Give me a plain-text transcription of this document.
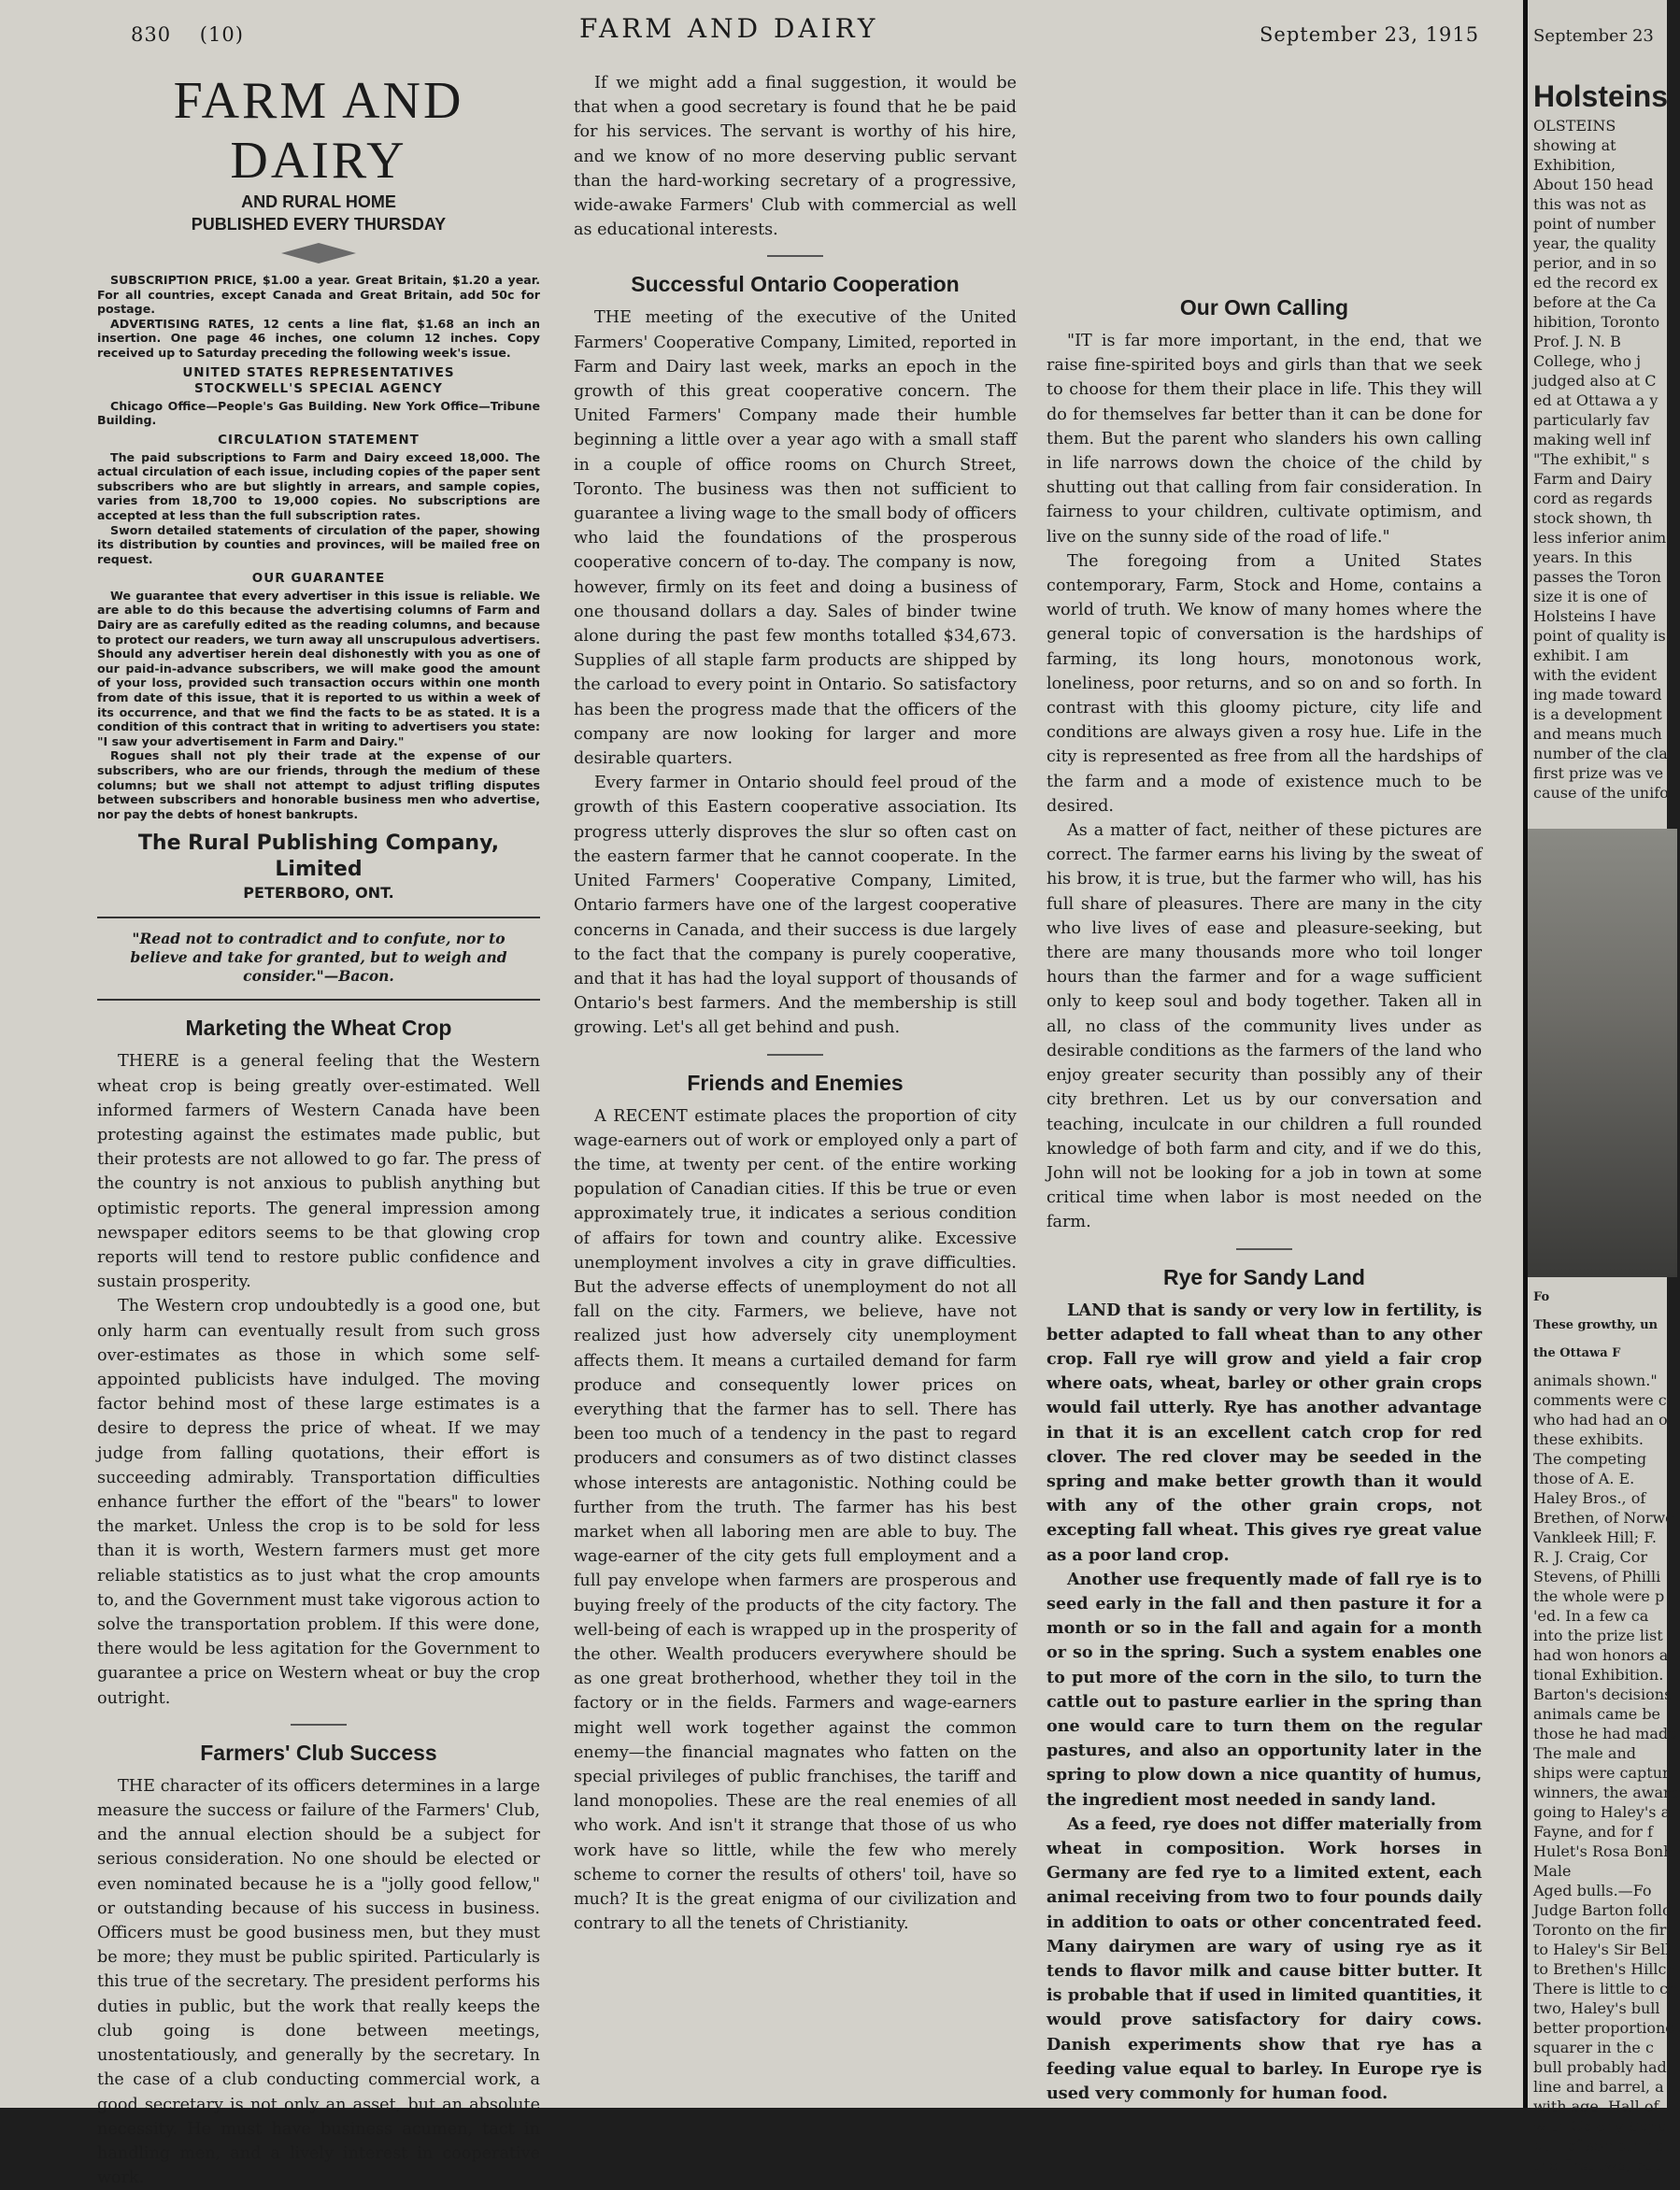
830 (10)	FARM AND DAIRY	September 23, 1915
FARM AND DAIRY
AND RURAL HOME
PUBLISHED EVERY THURSDAY

SUBSCRIPTION PRICE, $1.00 a year. Great Britain, $1.20 a year. For all countries, except Canada and Great Britain, add 50c for postage.

ADVERTISING RATES, 12 cents a line flat, $1.68 an inch an insertion. One page 46 inches, one column 12 inches. Copy received up to Saturday preceding the following week's issue.

UNITED STATES REPRESENTATIVES
STOCKWELL'S SPECIAL AGENCY

Chicago Office—People's Gas Building. New York Office—Tribune Building.

CIRCULATION STATEMENT

The paid subscriptions to Farm and Dairy exceed 18,000. The actual circulation of each issue, including copies of the paper sent subscribers who are but slightly in arrears, and sample copies, varies from 18,700 to 19,000 copies. No subscriptions are accepted at less than the full subscription rates.

Sworn detailed statements of circulation of the paper, showing its distribution by counties and provinces, will be mailed free on request.

OUR GUARANTEE

We guarantee that every advertiser in this issue is reliable. We are able to do this because the advertising columns of Farm and Dairy are as carefully edited as the reading columns, and because to protect our readers, we turn away all unscrupulous advertisers. Should any advertiser herein deal dishonestly with you as one of our paid-in-advance subscribers, we will make good the amount of your loss, provided such transaction occurs within one month from date of this issue, that it is reported to us within a week of its occurrence, and that we find the facts to be as stated. It is a condition of this contract that in writing to advertisers you state: "I saw your advertisement in Farm and Dairy."

Rogues shall not ply their trade at the expense of our subscribers, who are our friends, through the medium of these columns; but we shall not attempt to adjust trifling disputes between subscribers and honorable business men who advertise, nor pay the debts of honest bankrupts.

The Rural Publishing Company, Limited
PETERBORO, ONT.
"Read not to contradict and to confute, nor to believe and take for granted, but to weigh and consider."—Bacon.
Marketing the Wheat Crop

THERE is a general feeling that the Western wheat crop is being greatly over-estimated. Well informed farmers of Western Canada have been protesting against the estimates made public, but their protests are not allowed to go far. The press of the country is not anxious to publish anything but optimistic reports. The general impression among newspaper editors seems to be that glowing crop reports will tend to restore public confidence and sustain prosperity.

The Western crop undoubtedly is a good one, but only harm can eventually result from such gross over-estimates as those in which some self-appointed publicists have indulged. The moving factor behind most of these large estimates is a desire to depress the price of wheat. If we may judge from falling quotations, their effort is succeeding admirably. Transportation difficulties enhance further the effort of the "bears" to lower the market. Unless the crop is to be sold for less than it is worth, Western farmers must get more reliable statistics as to just what the crop amounts to, and the Government must take vigorous action to solve the transportation problem. If this were done, there would be less agitation for the Government to guarantee a price on Western wheat or buy the crop outright.

Farmers' Club Success

THE character of its officers determines in a large measure the success or failure of the Farmers' Club, and the annual election should be a subject for serious consideration. No one should be elected or even nominated because he is a "jolly good fellow," or outstanding because of his success in business. Officers must be good business men, but they must be more; they must be public spirited. Particularly is this true of the secretary. The president performs his duties in public, but the work that really keeps the club going is done between meetings, unostentatiously, and generally by the secretary. In the case of a club conducting commercial work, a good secretary is not only an asset, but an absolute necessity. He must have business acumen, tact in handling men, and a lively interest in cooperative work.

If we might add a final suggestion, it would be that when a good secretary is found that he be paid for his services. The servant is worthy of his hire, and we know of no more deserving public servant than the hard-working secretary of a progressive, wide-awake Farmers' Club with commercial as well as educational interests.

Successful Ontario Cooperation

THE meeting of the executive of the United Farmers' Cooperative Company, Limited, reported in Farm and Dairy last week, marks an epoch in the growth of this great cooperative concern. The United Farmers' Company made their humble beginning a little over a year ago with a small staff in a couple of office rooms on Church Street, Toronto. The business was then not sufficient to guarantee a living wage to the small body of officers who laid the foundations of the prosperous cooperative concern of to-day. The company is now, however, firmly on its feet and doing a business of one thousand dollars a day. Sales of binder twine alone during the past few months totalled $34,673. Supplies of all staple farm products are shipped by the carload to every point in Ontario. So satisfactory has been the progress made that the officers of the company are now looking for larger and more desirable quarters.

Every farmer in Ontario should feel proud of the growth of this Eastern cooperative association. Its progress utterly disproves the slur so often cast on the eastern farmer that he cannot cooperate. In the United Farmers' Cooperative Company, Limited, Ontario farmers have one of the largest cooperative concerns in Canada, and their success is due largely to the fact that the company is purely cooperative, and that it has had the loyal support of thousands of Ontario's best farmers. And the membership is still growing. Let's all get behind and push.

Friends and Enemies

A RECENT estimate places the proportion of city wage-earners out of work or employed only a part of the time, at twenty per cent. of the entire working population of Canadian cities. If this be true or even approximately true, it indicates a serious condition of affairs for town and country alike. Excessive unemployment involves a city in grave difficulties. But the adverse effects of unemployment do not all fall on the city. Farmers, we believe, have not realized just how adversely city unemployment affects them. It means a curtailed demand for farm produce and consequently lower prices on everything that the farmer has to sell. There has been too much of a tendency in the past to regard producers and consumers as of two distinct classes whose interests are antagonistic. Nothing could be further from the truth. The farmer has his best market when all laboring men are able to buy. The wage-earner of the city gets full employment and a full pay envelope when farmers are prosperous and buying freely of the products of the city factory. The well-being of each is wrapped up in the prosperity of the other. Wealth producers everywhere should be as one great brotherhood, whether they toil in the factory or in the fields. Farmers and wage-earners might well work together against the common enemy—the financial magnates who fatten on the special privileges of public franchises, the tariff and land monopolies. These are the real enemies of all who work. And isn't it strange that those of us who work have so little, while the few who merely scheme to corner the results of others' toil, have so much? It is the great enigma of our civilization and contrary to all the tenets of Christianity.

Our Own Calling

"IT is far more important, in the end, that we raise fine-spirited boys and girls than that we seek to choose for them their place in life. This they will do for themselves far better than it can be done for them. But the parent who slanders his own calling in life narrows down the choice of the child by shutting out that calling from fair consideration. In fairness to your children, cultivate optimism, and live on the sunny side of the road of life."

The foregoing from a United States contemporary, Farm, Stock and Home, contains a world of truth. We know of many homes where the general topic of conversation is the hardships of farming, its long hours, monotonous work, loneliness, poor returns, and so on and so forth. In contrast with this gloomy picture, city life and conditions are always given a rosy hue. Life in the city is represented as free from all the hardships of the farm and a mode of existence much to be desired.

As a matter of fact, neither of these pictures are correct. The farmer earns his living by the sweat of his brow, it is true, but the farmer who will, has his full share of pleasures. There are many in the city who live lives of ease and pleasure-seeking, but there are many thousands more who toil longer hours than the farmer and for a wage sufficient only to keep soul and body together. Taken all in all, no class of the community lives under as desirable conditions as the farmers of the land who enjoy greater security than possibly any of their city brethren. Let us by our conversation and teaching, inculcate in our children a full rounded knowledge of both farm and city, and if we do this, John will not be looking for a job in town at some critical time when labor is most needed on the farm.

Rye for Sandy Land

LAND that is sandy or very low in fertility, is better adapted to fall wheat than to any other crop. Fall rye will grow and yield a fair crop where oats, wheat, barley or other grain crops would fail utterly. Rye has another advantage in that it is an excellent catch crop for red clover. The red clover may be seeded in the spring and make better growth than it would with any of the other grain crops, not excepting fall wheat. This gives rye great value as a poor land crop.

Another use frequently made of fall rye is to seed early in the fall and then pasture it for a month or so in the fall and again for a month or so in the spring. Such a system enables one to put more of the corn in the silo, to turn the cattle out to pasture earlier in the spring than one would care to turn them on the regular pastures, and also an opportunity later in the spring to plow down a nice quantity of humus, the ingredient most needed in sandy land.

As a feed, rye does not differ materially from wheat in composition. Work horses in Germany are fed rye to a limited extent, each animal receiving from two to four pounds daily in addition to oats or other concentrated feed. Many dairymen are wary of using rye as it tends to flavor milk and cause bitter butter. It is probable that if used in limited quantities, it would prove satisfactory for dairy cows. Danish experiments show that rye has a feeding value equal to barley. In Europe rye is used very commonly for human food.

September 23
Holsteins
OLSTEINS
showing at
Exhibition,
About 150 head
this was not as
point of number
year, the quality
perior, and in so
ed the record ex
before at the Ca
hibition, Toronto
Prof. J. N. B
College, who j
judged also at C
ed at Ottawa a y
particularly fav
making well inf
"The exhibit," s
Farm and Dairy
cord as regards
stock shown, th
less inferior anim
years. In this
passes the Toron
size it is one of
Holsteins I have
point of quality is
exhibit. I am
with the evident
ing made toward
is a development
and means much
number of the cla
first prize was ve
cause of the unifo
Fo
These growthy, un
the Ottawa F
animals shown."
comments were c
who had had an o
these exhibits.
The competing
those of A. E.
Haley Bros., of
Brethen, of Norwo
Vankleek Hill; F.
R. J. Craig, Cor
Stevens, of Philli
the whole were p
'ed. In a few ca
into the prize list
had won honors a
tional Exhibition.
Barton's decisions
animals came be
those he had made
The male and
ships were captur
winners, the award
going to Haley's a
Fayne, and for f
Hulet's Rosa Bonh
Male
Aged bulls.—Fo
Judge Barton follo
Toronto on the fir
to Haley's Sir Bell
to Brethen's Hillcr
There is little to ch
two, Haley's bull
better proportione
squarer in the c
bull probably had
line and barrel, a
with age. Hall of
with Colony Cana
bull of something
the first two, but
